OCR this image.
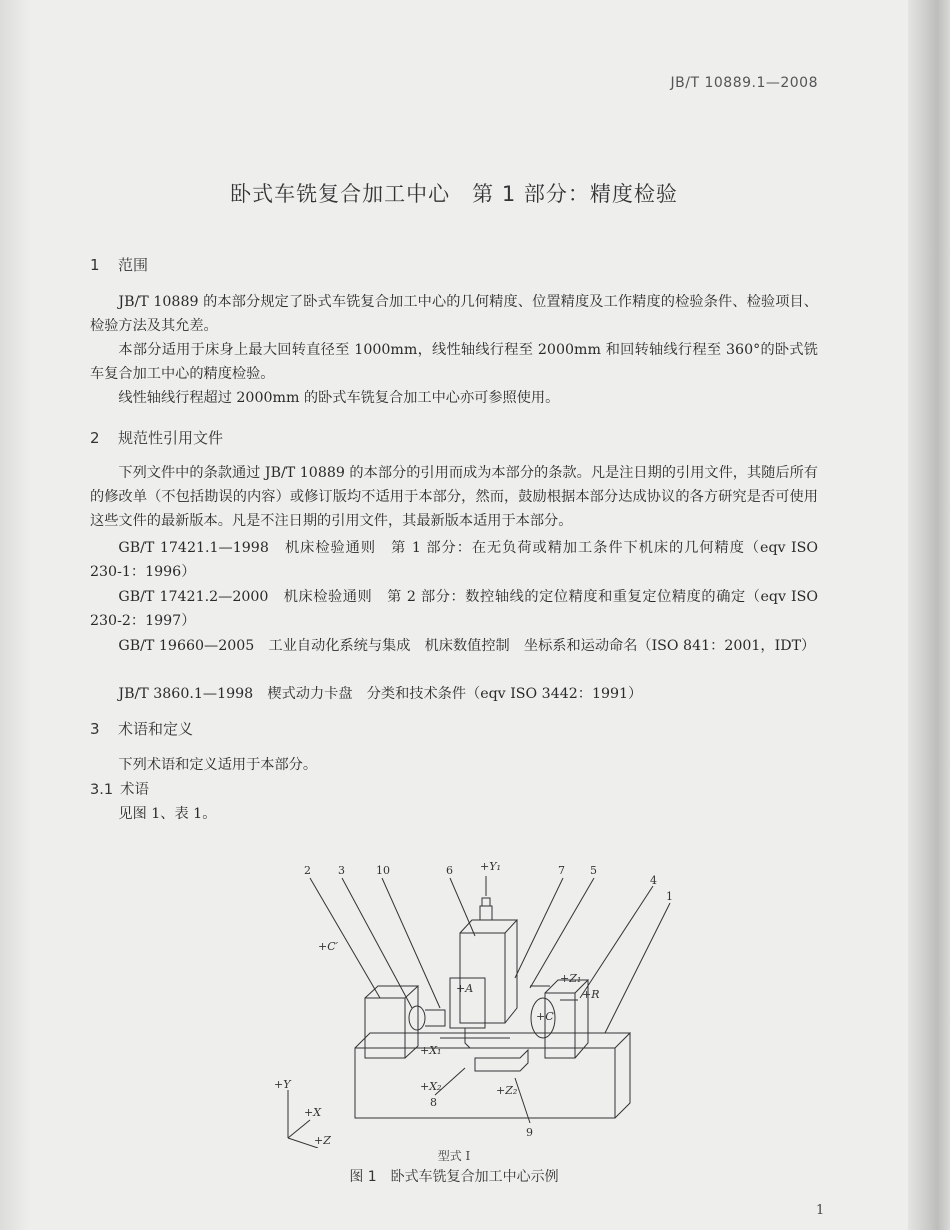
JB/T 10889.1—2008
卧式车铣复合加工中心　第 1 部分：精度检验
1 范围
JB/T 10889 的本部分规定了卧式车铣复合加工中心的几何精度、位置精度及工作精度的检验条件、检验项目、检验方法及其允差。
本部分适用于床身上最大回转直径至 1000mm，线性轴线行程至 2000mm 和回转轴线行程至 360°的卧式铣车复合加工中心的精度检验。
线性轴线行程超过 2000mm 的卧式车铣复合加工中心亦可参照使用。
2 规范性引用文件
下列文件中的条款通过 JB/T 10889 的本部分的引用而成为本部分的条款。凡是注日期的引用文件，其随后所有的修改单（不包括勘误的内容）或修订版均不适用于本部分，然而，鼓励根据本部分达成协议的各方研究是否可使用这些文件的最新版本。凡是不注日期的引用文件，其最新版本适用于本部分。
GB/T 17421.1—1998　机床检验通则　第 1 部分：在无负荷或精加工条件下机床的几何精度（eqv ISO 230-1：1996）
GB/T 17421.2—2000　机床检验通则　第 2 部分：数控轴线的定位精度和重复定位精度的确定（eqv ISO 230-2：1997）
GB/T 19660—2005　工业自动化系统与集成　机床数值控制　坐标系和运动命名（ISO 841：2001，IDT）
JB/T 3860.1—1998　楔式动力卡盘　分类和技术条件（eqv ISO 3442：1991）
3 术语和定义
下列术语和定义适用于本部分。
3.1 术语
见图 1、表 1。
2 3	10	6	7 5
4
1
8
9
+Y₁
+C′
+A
+Z₁
+C
+R
+X₁
+X₂	+Z₂
+Y
+X
+Z
型式 I
图 1　卧式车铣复合加工中心示例
1
